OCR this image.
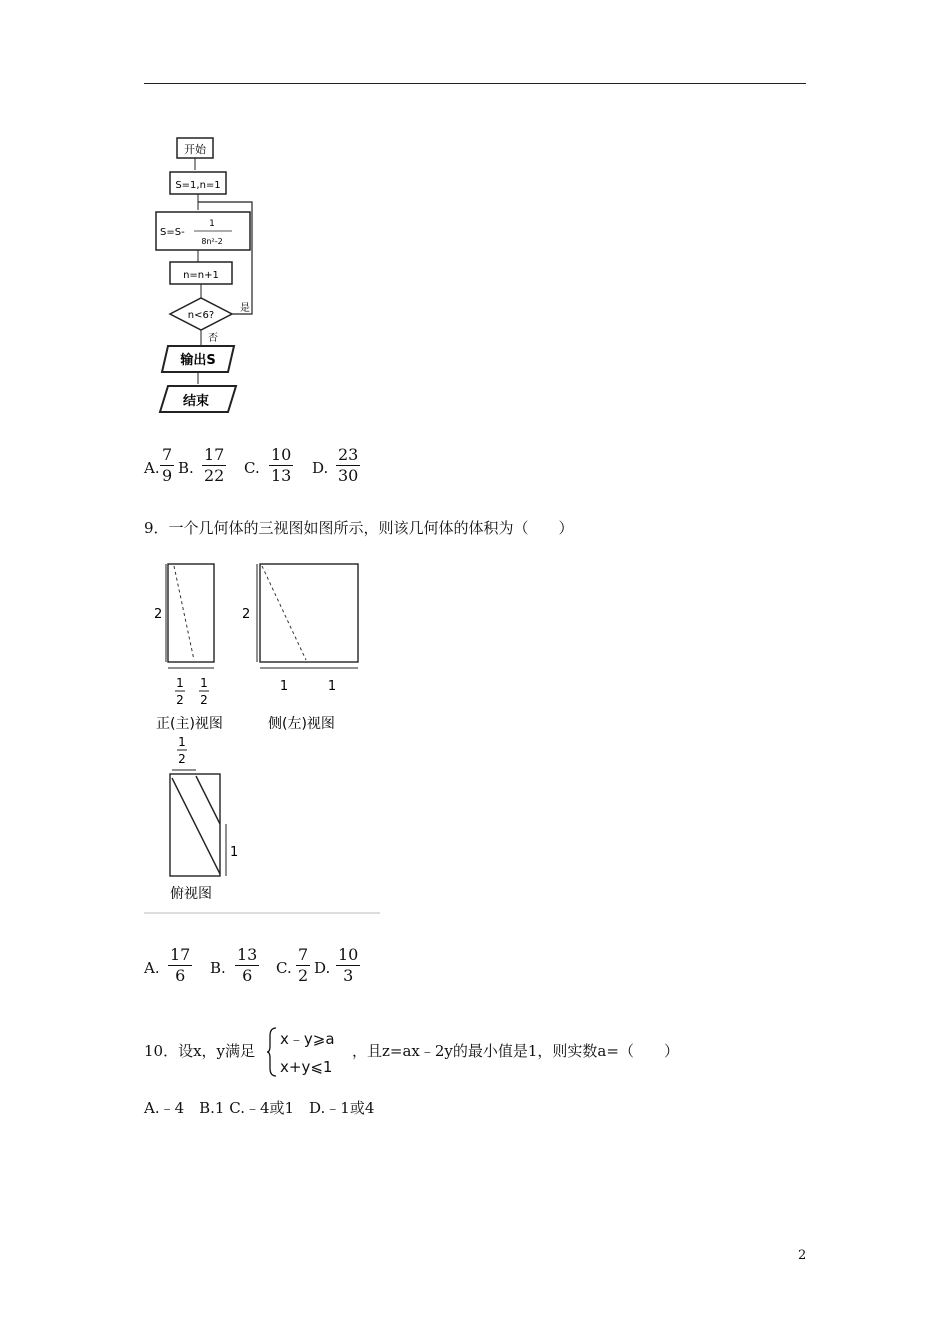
开始
S=1,n=1
S=S-
1
8n²-2
n=n+1
n<6?
是
否
输出S
结束
A.
7
9 B.
17
22 C.
10
13 D.
23
30
9．一个几何体的三视图如图所示，则该几何体的体积为（　　）
2
1
2
1
2
正(主)视图
2
1	1
侧(左)视图
1
2
1
俯视图
A.
17
6 B.
13
6 C.
7
2 D.
10
3
10．设x，y满足
x﹣y⩾a
x+y⩽1
，且z=ax﹣2y的最小值是1，则实数a=（　　）
A.﹣4　B.1 C.﹣4或1　D.﹣1或4
2
